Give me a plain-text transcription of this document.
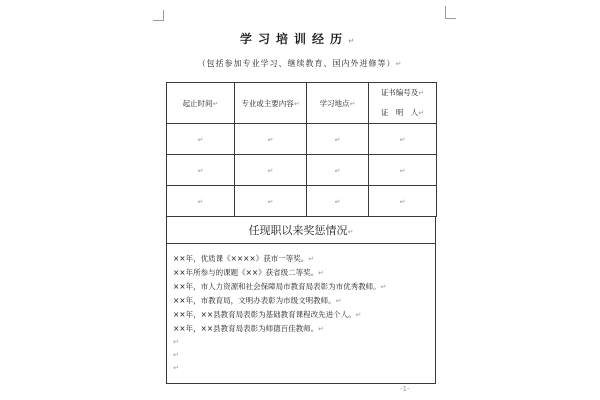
学习培训经历↵
（包括参加专业学习、继续教育、国内外进修等）↵
起止时间↵	专业或主要内容↵	学习地点↵	证书编号及↵
证　明　人↵
↵	↵	↵	↵
↵	↵	↵	↵
↵	↵	↵	↵
任现职以来奖惩情况↵
××年，优质课《××××》获市一等奖。↵
××年所参与的课题《××》获省级二等奖。↵
××年，市人力资源和社会保障局市教育局表彰为市优秀教师。↵
××年，市教育局，文明办表彰为市级文明教师。↵
××年，××县教育局表彰为基础教育课程改先进个人。↵
××年，××县教育局表彰为师德百佳教师。↵
↵
↵
↵
-1-
